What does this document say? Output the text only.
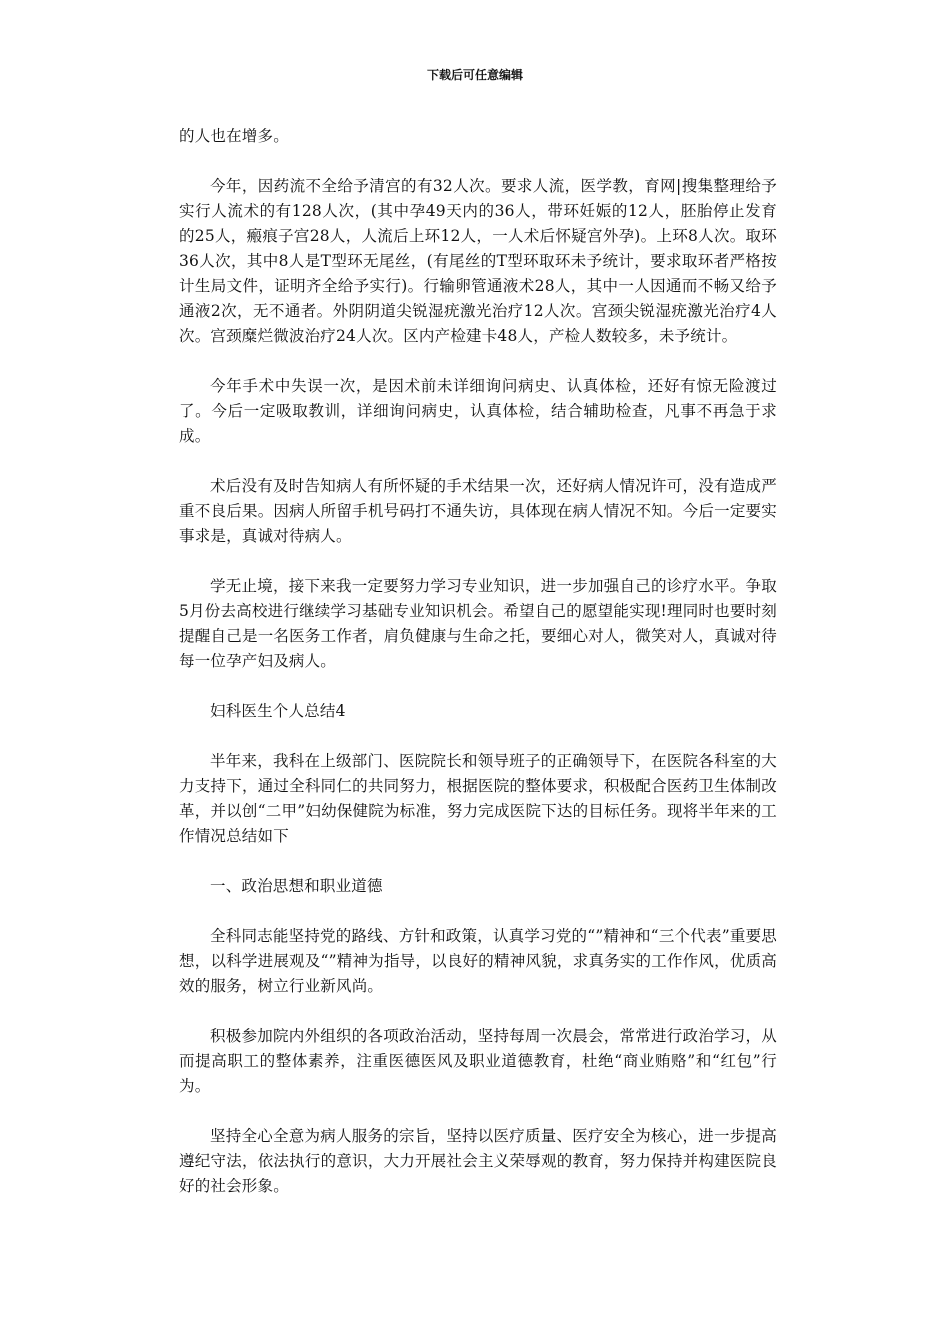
下载后可任意编辑

的人也在增多。

今年，因药流不全给予清宫的有32人次。要求人流，医学教，育网|搜集整理给予实行人流术的有128人次，(其中孕49天内的36人，带环妊娠的12人，胚胎停止发育的25人，瘢痕子宫28人，人流后上环12人，一人术后怀疑宫外孕)。上环8人次。取环36人次，其中8人是T型环无尾丝，(有尾丝的T型环取环未予统计，要求取环者严格按计生局文件，证明齐全给予实行)。行输卵管通液术28人，其中一人因通而不畅又给予通液2次，无不通者。外阴阴道尖锐湿疣激光治疗12人次。宫颈尖锐湿疣激光治疗4人次。宫颈糜烂微波治疗24人次。区内产检建卡48人，产检人数较多，未予统计。

今年手术中失误一次，是因术前未详细询问病史、认真体检，还好有惊无险渡过了。今后一定吸取教训，详细询问病史，认真体检，结合辅助检查，凡事不再急于求成。

术后没有及时告知病人有所怀疑的手术结果一次，还好病人情况许可，没有造成严重不良后果。因病人所留手机号码打不通失访，具体现在病人情况不知。今后一定要实事求是，真诚对待病人。

学无止境，接下来我一定要努力学习专业知识，进一步加强自己的诊疗水平。争取5月份去高校进行继续学习基础专业知识机会。希望自己的愿望能实现!理同时也要时刻提醒自己是一名医务工作者，肩负健康与生命之托，要细心对人，微笑对人，真诚对待每一位孕产妇及病人。

妇科医生个人总结4

半年来，我科在上级部门、医院院长和领导班子的正确领导下，在医院各科室的大力支持下，通过全科同仁的共同努力，根据医院的整体要求，积极配合医药卫生体制改革，并以创“二甲”妇幼保健院为标准，努力完成医院下达的目标任务。现将半年来的工作情况总结如下

一、政治思想和职业道德

全科同志能坚持党的路线、方针和政策，认真学习党的“”精神和“三个代表”重要思想，以科学进展观及“”精神为指导，以良好的精神风貌，求真务实的工作作风，优质高效的服务，树立行业新风尚。

积极参加院内外组织的各项政治活动，坚持每周一次晨会，常常进行政治学习，从而提高职工的整体素养，注重医德医风及职业道德教育，杜绝“商业贿赂”和“红包”行为。

坚持全心全意为病人服务的宗旨，坚持以医疗质量、医疗安全为核心，进一步提高遵纪守法，依法执行的意识，大力开展社会主义荣辱观的教育，努力保持并构建医院良好的社会形象。
